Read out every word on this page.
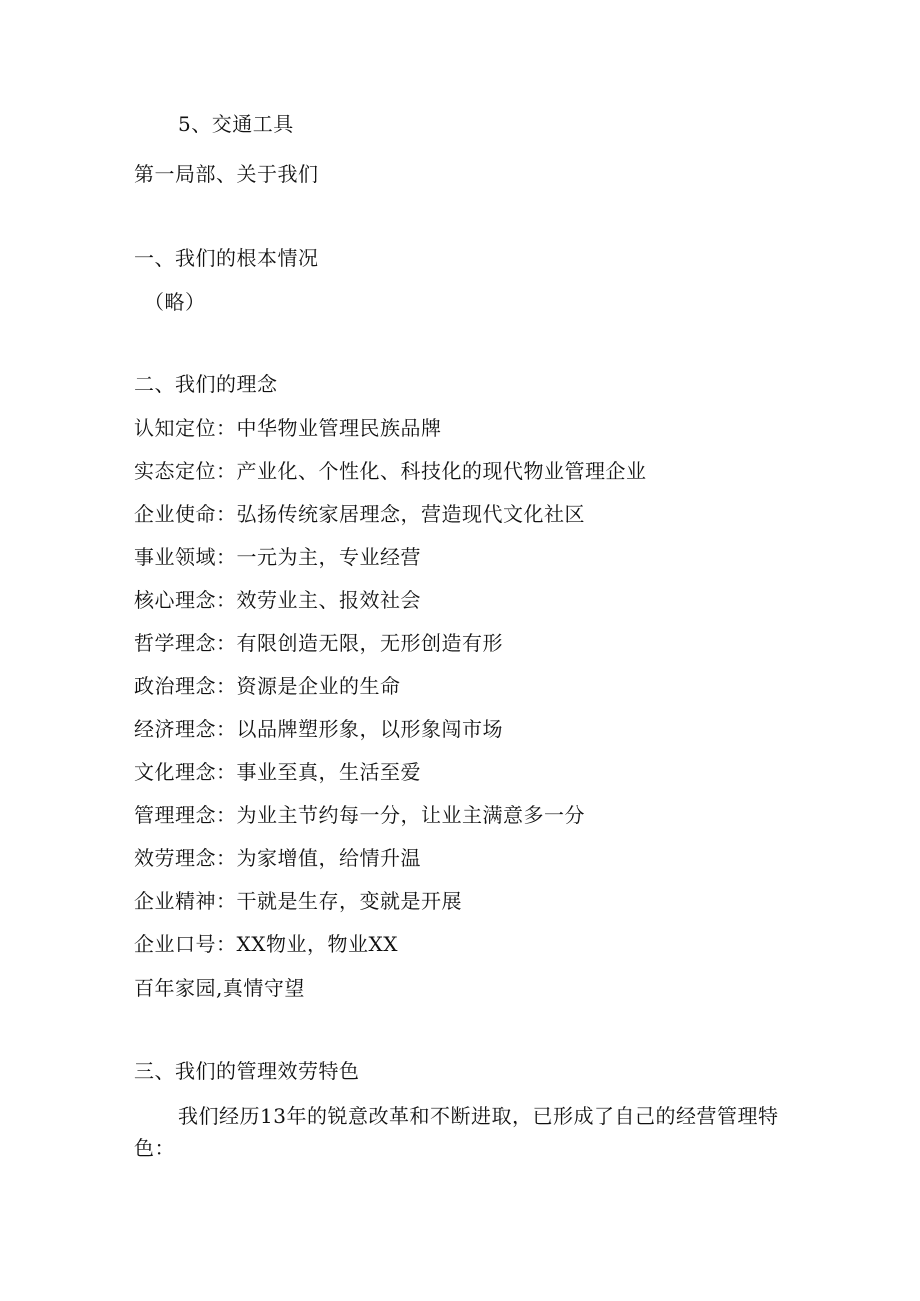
5、交通工具
第一局部、关于我们
一、我们的根本情况
（略）
二、我们的理念
认知定位：中华物业管理民族品牌
实态定位：产业化、个性化、科技化的现代物业管理企业
企业使命：弘扬传统家居理念，营造现代文化社区
事业领域：一元为主，专业经营
核心理念：效劳业主、报效社会
哲学理念：有限创造无限，无形创造有形
政治理念：资源是企业的生命
经济理念：以品牌塑形象，以形象闯市场
文化理念：事业至真，生活至爱
管理理念：为业主节约每一分，让业主满意多一分
效劳理念：为家增值，给情升温
企业精神：干就是生存，变就是开展
企业口号：XX物业，物业XX
百年家园,真情守望
三、我们的管理效劳特色
我们经历13年的锐意改革和不断进取，已形成了自己的经营管理特色：
